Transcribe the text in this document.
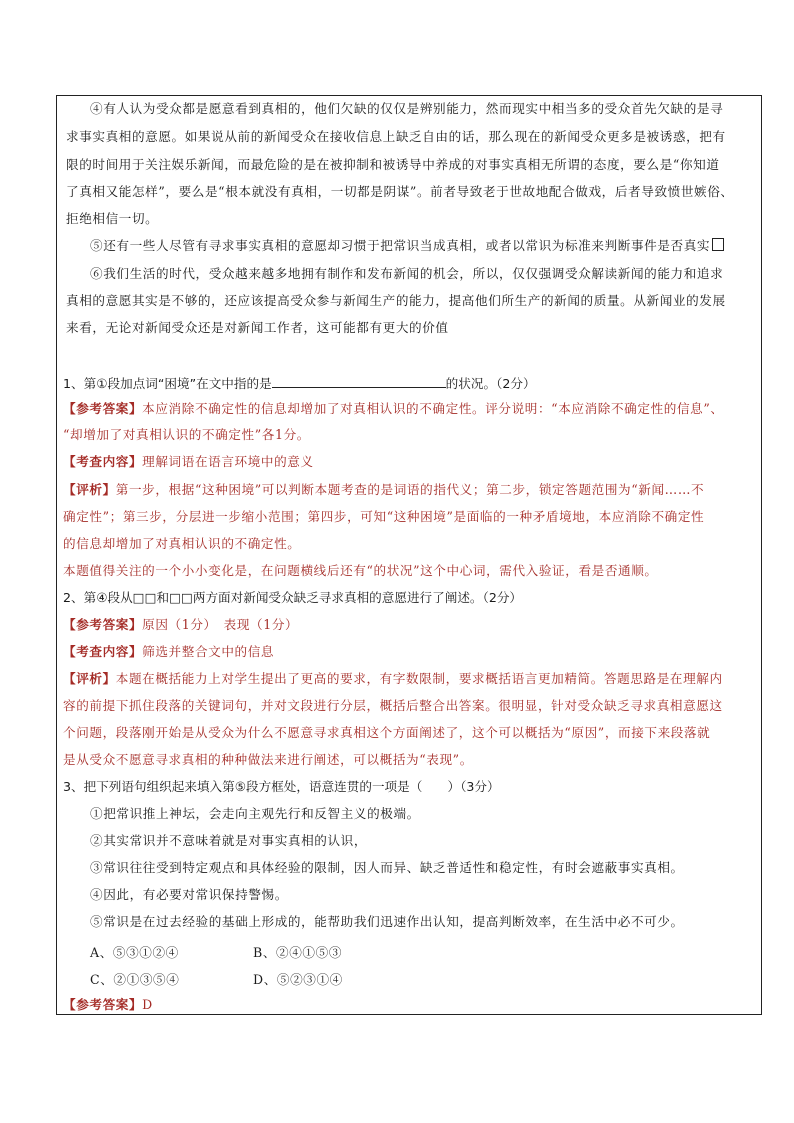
④有人认为受众都是愿意看到真相的，他们欠缺的仅仅是辨别能力，然而现实中相当多的受众首先欠缺的是寻
求事实真相的意愿。如果说从前的新闻受众在接收信息上缺乏自由的话，那么现在的新闻受众更多是被诱惑，把有
限的时间用于关注娱乐新闻，而最危险的是在被抑制和被诱导中养成的对事实真相无所谓的态度，要么是“你知道
了真相又能怎样”，要么是“根本就没有真相，一切都是阴谋”。前者导致老于世故地配合做戏，后者导致愤世嫉俗、
拒绝相信一切。
⑤还有一些人尽管有寻求事实真相的意愿却习惯于把常识当成真相，或者以常识为标准来判断事件是否真实
⑥我们生活的时代，受众越来越多地拥有制作和发布新闻的机会，所以，仅仅强调受众解读新闻的能力和追求
真相的意愿其实是不够的，还应该提高受众参与新闻生产的能力，提高他们所生产的新闻的质量。从新闻业的发展
来看，无论对新闻受众还是对新闻工作者，这可能都有更大的价值
1、第①段加点词“困境”在文中指的是	的状况。（2分）
【参考答案】本应消除不确定性的信息却增加了对真相认识的不确定性。评分说明：“本应消除不确定性的信息”、
“却增加了对真相认识的不确定性”各1分。
【考查内容】理解词语在语言环境中的意义
【评析】第一步，根据“这种困境”可以判断本题考查的是词语的指代义；第二步，锁定答题范围为“新闻……不
确定性”；第三步，分层进一步缩小范围；第四步，可知“这种困境”是面临的一种矛盾境地，本应消除不确定性
的信息却增加了对真相认识的不确定性。
本题值得关注的一个小小变化是，在问题横线后还有“的状况”这个中心词，需代入验证，看是否通顺。
2、第④段从□□和□□两方面对新闻受众缺乏寻求真相的意愿进行了阐述。（2分）
【参考答案】原因（1分）　表现（1分）
【考查内容】筛选并整合文中的信息
【评析】本题在概括能力上对学生提出了更高的要求，有字数限制，要求概括语言更加精简。答题思路是在理解内
容的前提下抓住段落的关键词句，并对文段进行分层，概括后整合出答案。很明显，针对受众缺乏寻求真相意愿这
个问题，段落刚开始是从受众为什么不愿意寻求真相这个方面阐述了，这个可以概括为“原因”，而接下来段落就
是从受众不愿意寻求真相的种种做法来进行阐述，可以概括为“表现”。
3、把下列语句组织起来填入第⑤段方框处，语意连贯的一项是（　　）（3分）
①把常识推上神坛，会走向主观先行和反智主义的极端。
②其实常识并不意味着就是对事实真相的认识，
③常识往往受到特定观点和具体经验的限制，因人而异、缺乏普适性和稳定性，有时会遮蔽事实真相。
④因此，有必要对常识保持警惕。
⑤常识是在过去经验的基础上形成的，能帮助我们迅速作出认知，提高判断效率，在生活中必不可少。
A、⑤③①②④	B、②④①⑤③
C、②①③⑤④	D、⑤②③①④
【参考答案】D
